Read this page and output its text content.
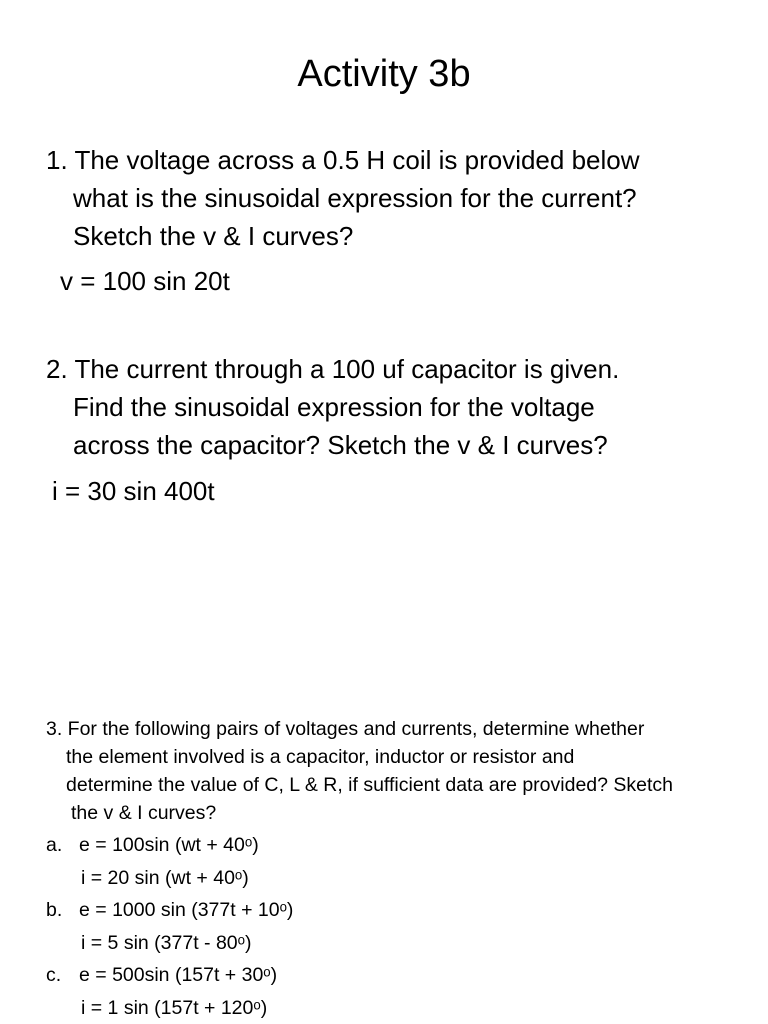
Activity 3b
1. The voltage across a 0.5 H coil is provided below
what is the sinusoidal expression for the current?
Sketch the v & I curves?
v = 100 sin 20t
2. The current through a 100 uf capacitor is given.
Find the sinusoidal expression for the voltage
across the capacitor? Sketch the v & I curves?
i = 30 sin 400t
3. For the following pairs of voltages and currents, determine whether
the element involved is a capacitor, inductor or resistor and
determine the value of C, L & R, if sufficient data are provided? Sketch
the v & I curves?
a. e = 100sin (wt + 40ᵒ)
i = 20 sin (wt + 40ᵒ)
b. e = 1000 sin (377t + 10ᵒ)
i = 5 sin (377t - 80ᵒ)
c. e = 500sin (157t + 30ᵒ)
i = 1 sin (157t + 120ᵒ)
